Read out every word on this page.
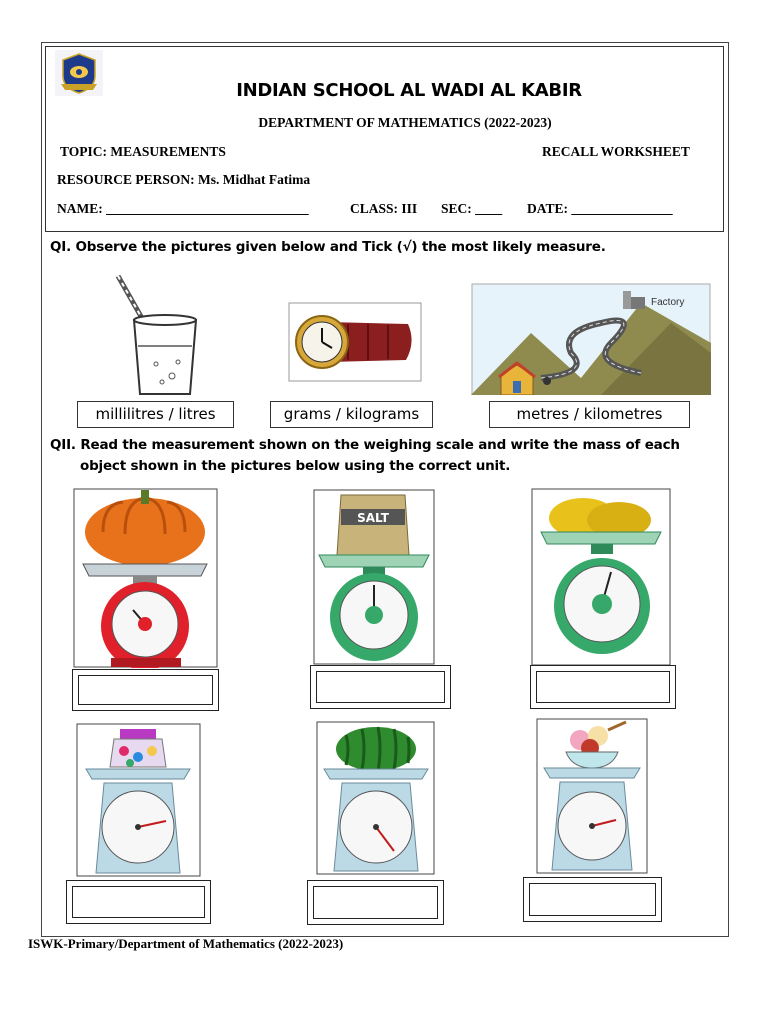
INDIAN SCHOOL AL WADI AL KABIR
DEPARTMENT OF MATHEMATICS (2022-2023)
TOPIC: MEASUREMENTS	RECALL WORKSHEET
RESOURCE PERSON: Ms. Midhat Fatima
NAME: ______________________________	CLASS: III SEC: ____ DATE: _______________
QI. Observe the pictures given below and Tick (√) the most likely measure.
Factory
millilitres / litres	grams / kilograms	metres / kilometres
QII. Read the measurement shown on the weighing scale and write the mass of each
object shown in the pictures below using the correct unit.
SALT
ISWK-Primary/Department of Mathematics (2022-2023)
